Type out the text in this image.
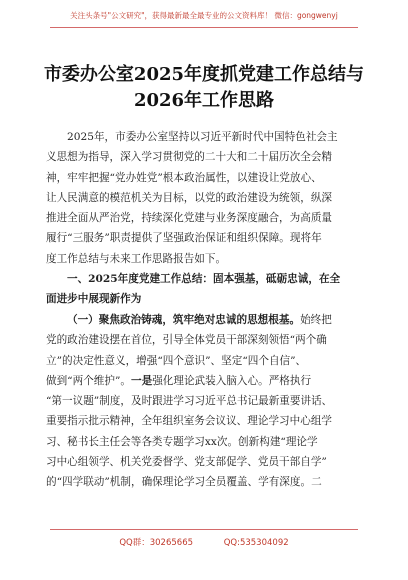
关注头条号"公文研究"，获得最新最全最专业的公文资料库！ 微信：gongwenyj
市委办公室2025年度抓党建工作总结与
2026年工作思路
2025年，市委办公室坚持以习近平新时代中国特色社会主
义思想为指导，深入学习贯彻党的二十大和二十届历次全会精
神，牢牢把握“党办姓党”根本政治属性，以建设让党放心、
让人民满意的模范机关为目标，以党的政治建设为统领，纵深
推进全面从严治党，持续深化党建与业务深度融合，为高质量
履行“三服务”职责提供了坚强政治保证和组织保障。现将年
度工作总结与未来工作思路报告如下。
一、2025年度党建工作总结：固本强基，砥砺忠诚，在全
面进步中展现新作为
（一）聚焦政治铸魂，筑牢绝对忠诚的思想根基。始终把
党的政治建设摆在首位，引导全体党员干部深刻领悟“两个确
立”的决定性意义，增强“四个意识”、坚定“四个自信”、
做到“两个维护”。一是强化理论武装入脑入心。严格执行
“第一议题”制度，及时跟进学习习近平总书记最新重要讲话、
重要指示批示精神，全年组织室务会议议、理论学习中心组学
习、秘书长主任会等各类专题学习xx次。创新构建“理论学
习中心组领学、机关党委督学、党支部促学、党员干部自学”
的“四学联动”机制，确保理论学习全员覆盖、学有深度。二
QQ群：30265665	QQ:535304092
